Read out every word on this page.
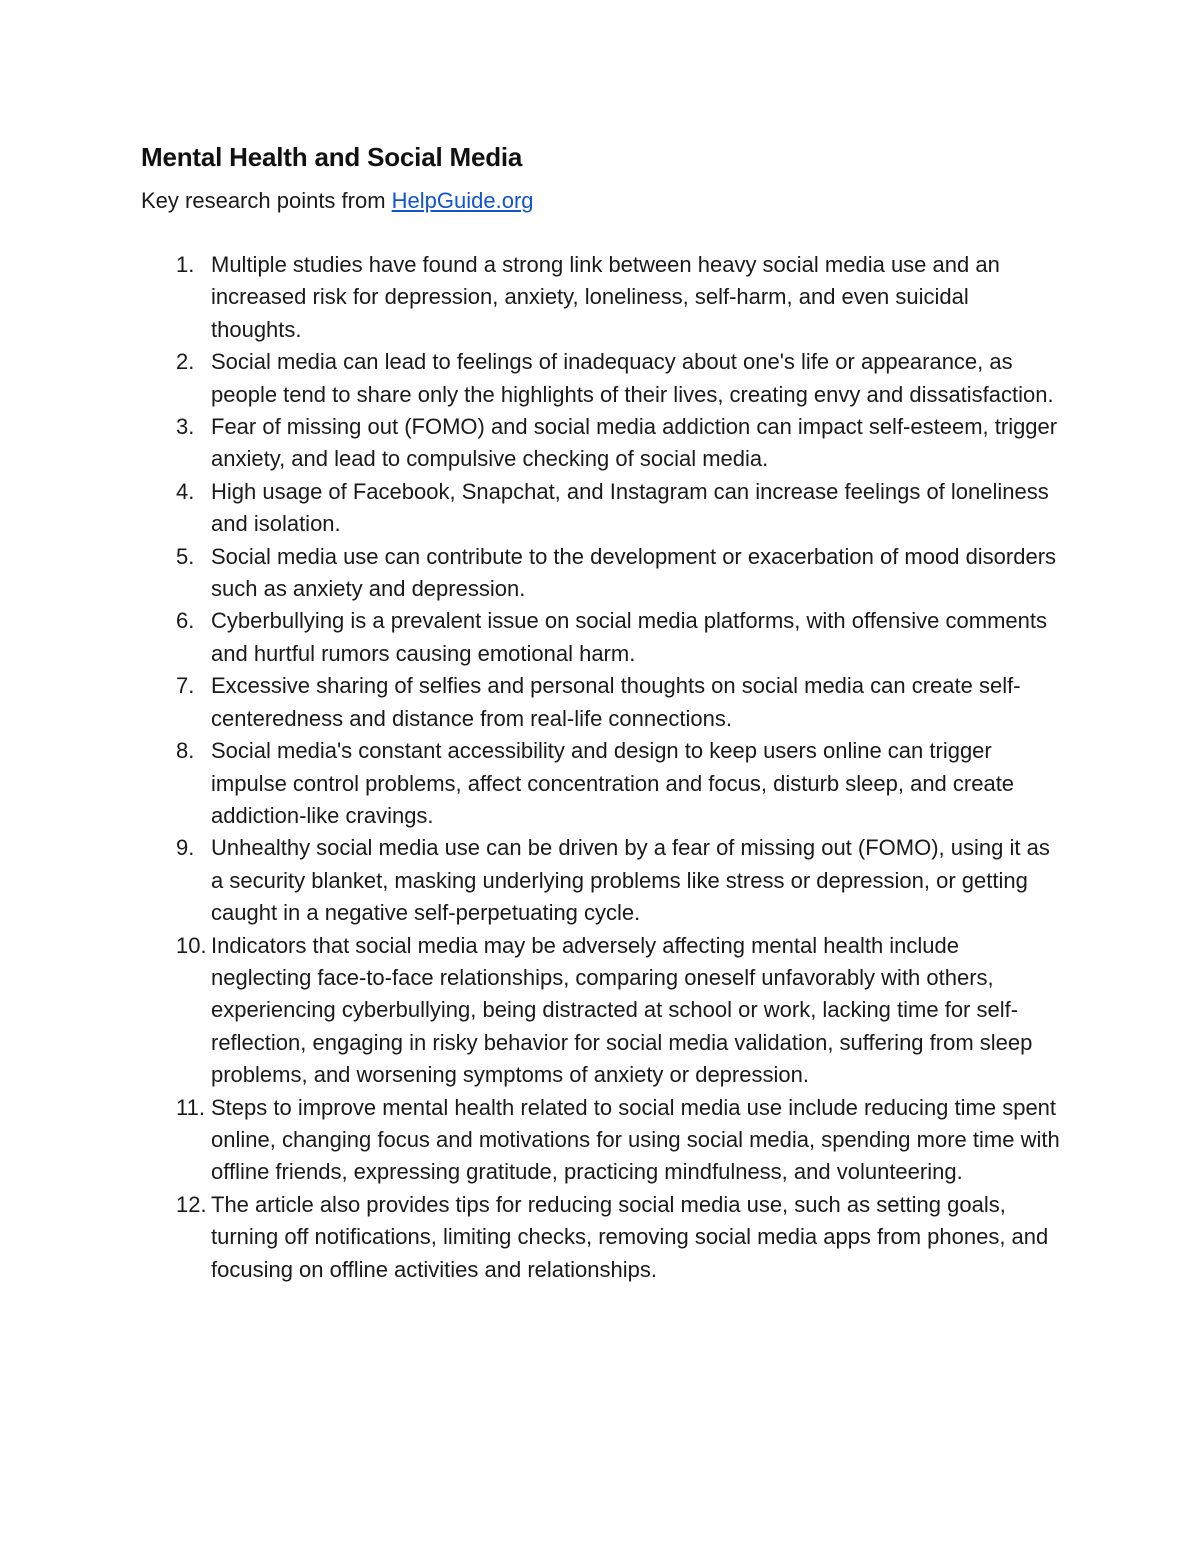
Mental Health and Social Media

Key research points from HelpGuide.org

1. Multiple studies have found a strong link between heavy social media use and an increased risk for depression, anxiety, loneliness, self-harm, and even suicidal thoughts.
2. Social media can lead to feelings of inadequacy about one's life or appearance, as people tend to share only the highlights of their lives, creating envy and dissatisfaction.
3. Fear of missing out (FOMO) and social media addiction can impact self-esteem, trigger anxiety, and lead to compulsive checking of social media.
4. High usage of Facebook, Snapchat, and Instagram can increase feelings of loneliness and isolation.
5. Social media use can contribute to the development or exacerbation of mood disorders such as anxiety and depression.
6. Cyberbullying is a prevalent issue on social media platforms, with offensive comments and hurtful rumors causing emotional harm.
7. Excessive sharing of selfies and personal thoughts on social media can create self-centeredness and distance from real-life connections.
8. Social media's constant accessibility and design to keep users online can trigger impulse control problems, affect concentration and focus, disturb sleep, and create addiction-like cravings.
9. Unhealthy social media use can be driven by a fear of missing out (FOMO), using it as a security blanket, masking underlying problems like stress or depression, or getting caught in a negative self-perpetuating cycle.
10. Indicators that social media may be adversely affecting mental health include neglecting face-to-face relationships, comparing oneself unfavorably with others, experiencing cyberbullying, being distracted at school or work, lacking time for self-reflection, engaging in risky behavior for social media validation, suffering from sleep problems, and worsening symptoms of anxiety or depression.
11. Steps to improve mental health related to social media use include reducing time spent online, changing focus and motivations for using social media, spending more time with offline friends, expressing gratitude, practicing mindfulness, and volunteering.
12. The article also provides tips for reducing social media use, such as setting goals, turning off notifications, limiting checks, removing social media apps from phones, and focusing on offline activities and relationships.
